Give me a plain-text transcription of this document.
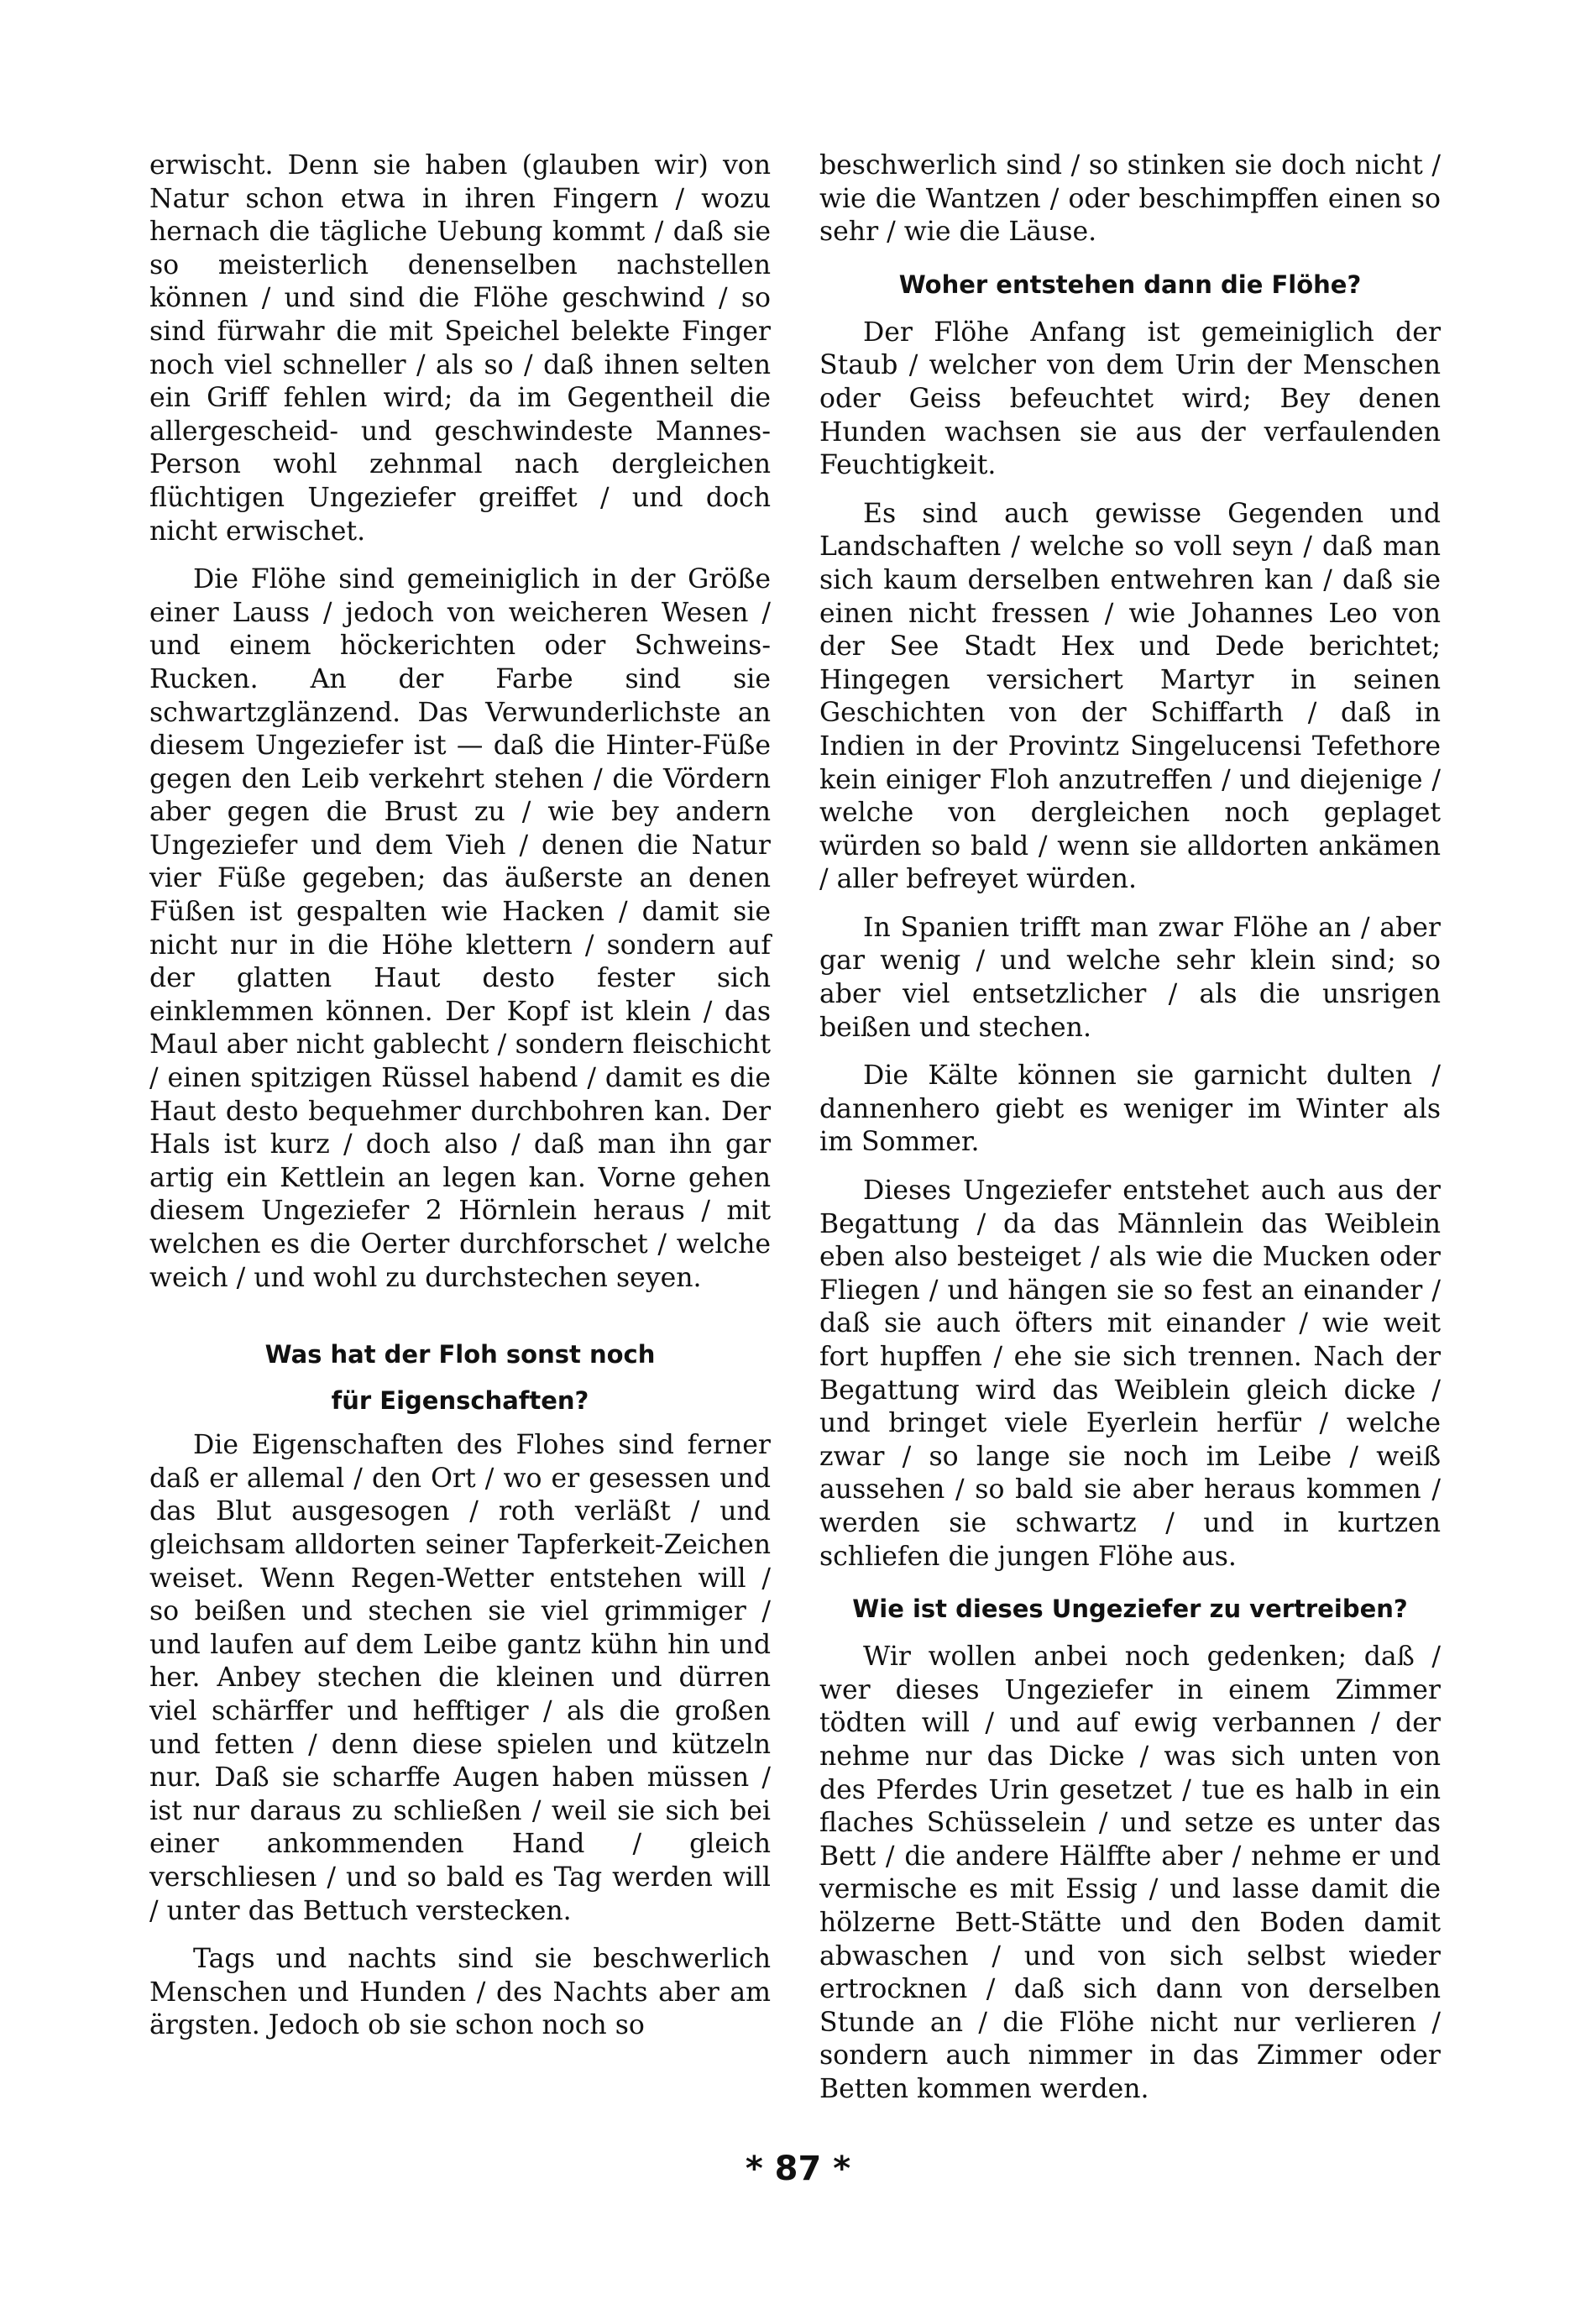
erwischt. Denn sie haben (glauben wir) von Natur schon etwa in ihren Fingern / wozu hernach die tägliche Uebung kommt / daß sie so meisterlich denenselben nachstellen können / und sind die Flöhe geschwind / so sind fürwahr die mit Speichel belekte Finger noch viel schneller / als so / daß ihnen selten ein Griff fehlen wird; da im Gegentheil die allergescheid- und geschwindeste Mannes-Person wohl zehnmal nach dergleichen flüchtigen Ungeziefer greiffet / und doch nicht erwischet.

Die Flöhe sind gemeiniglich in der Größe einer Lauss / jedoch von weicheren Wesen / und einem höckerichten oder Schweins-Rucken. An der Farbe sind sie schwartzglänzend. Das Verwunderlichste an diesem Ungeziefer ist — daß die Hinter-Füße gegen den Leib verkehrt stehen / die Vördern aber gegen die Brust zu / wie bey andern Ungeziefer und dem Vieh / denen die Natur vier Füße gegeben; das äußerste an denen Füßen ist gespalten wie Hacken / damit sie nicht nur in die Höhe klettern / sondern auf der glatten Haut desto fester sich einklemmen können. Der Kopf ist klein / das Maul aber nicht gablecht / sondern fleischicht / einen spitzigen Rüssel habend / damit es die Haut desto bequehmer durchbohren kan. Der Hals ist kurz / doch also / daß man ihn gar artig ein Kettlein an legen kan. Vorne gehen diesem Ungeziefer 2 Hörnlein heraus / mit welchen es die Oerter durchforschet / welche weich / und wohl zu durchstechen seyen.

Was hat der Floh sonst noch
für Eigenschaften?

Die Eigenschaften des Flohes sind ferner daß er allemal / den Ort / wo er gesessen und das Blut ausgesogen / roth verläßt / und gleichsam alldorten seiner Tapferkeit-Zeichen weiset. Wenn Regen-Wetter entstehen will / so beißen und stechen sie viel grimmiger / und laufen auf dem Leibe gantz kühn hin und her. Anbey stechen die kleinen und dürren viel schärffer und hefftiger / als die großen und fetten / denn diese spielen und kützeln nur. Daß sie scharffe Augen haben müssen / ist nur daraus zu schließen / weil sie sich bei einer ankommenden Hand / gleich verschliesen / und so bald es Tag werden will / unter das Bettuch verstecken.

Tags und nachts sind sie beschwerlich Menschen und Hunden / des Nachts aber am ärgsten. Jedoch ob sie schon noch so

beschwerlich sind / so stinken sie doch nicht / wie die Wantzen / oder beschimpffen einen so sehr / wie die Läuse.

Woher entstehen dann die Flöhe?

Der Flöhe Anfang ist gemeiniglich der Staub / welcher von dem Urin der Menschen oder Geiss befeuchtet wird; Bey denen Hunden wachsen sie aus der verfaulenden Feuchtigkeit.

Es sind auch gewisse Gegenden und Landschaften / welche so voll seyn / daß man sich kaum derselben entwehren kan / daß sie einen nicht fressen / wie Johannes Leo von der See Stadt Hex und Dede berichtet; Hingegen versichert Martyr in seinen Geschichten von der Schiffarth / daß in Indien in der Provintz Singelucensi Tefethore kein einiger Floh anzutreffen / und diejenige / welche von dergleichen noch geplaget würden so bald / wenn sie alldorten ankämen / aller befreyet würden.

In Spanien trifft man zwar Flöhe an / aber gar wenig / und welche sehr klein sind; so aber viel entsetzlicher / als die unsrigen beißen und stechen.

Die Kälte können sie garnicht dulten / dannenhero giebt es weniger im Winter als im Sommer.

Dieses Ungeziefer entstehet auch aus der Begattung / da das Männlein das Weiblein eben also besteiget / als wie die Mucken oder Fliegen / und hängen sie so fest an einander / daß sie auch öfters mit einander / wie weit fort hupffen / ehe sie sich trennen. Nach der Begattung wird das Weiblein gleich dicke / und bringet viele Eyerlein herfür / welche zwar / so lange sie noch im Leibe / weiß aussehen / so bald sie aber heraus kommen / werden sie schwartz / und in kurtzen schliefen die jungen Flöhe aus.

Wie ist dieses Ungeziefer zu vertreiben?

Wir wollen anbei noch gedenken; daß / wer dieses Ungeziefer in einem Zimmer tödten will / und auf ewig verbannen / der nehme nur das Dicke / was sich unten von des Pferdes Urin gesetzet / tue es halb in ein flaches Schüsselein / und setze es unter das Bett / die andere Hälffte aber / nehme er und vermische es mit Essig / und lasse damit die hölzerne Bett-Stätte und den Boden damit abwaschen / und von sich selbst wieder ertrocknen / daß sich dann von derselben Stunde an / die Flöhe nicht nur verlieren / sondern auch nimmer in das Zimmer oder Betten kommen werden.

* 87 *
